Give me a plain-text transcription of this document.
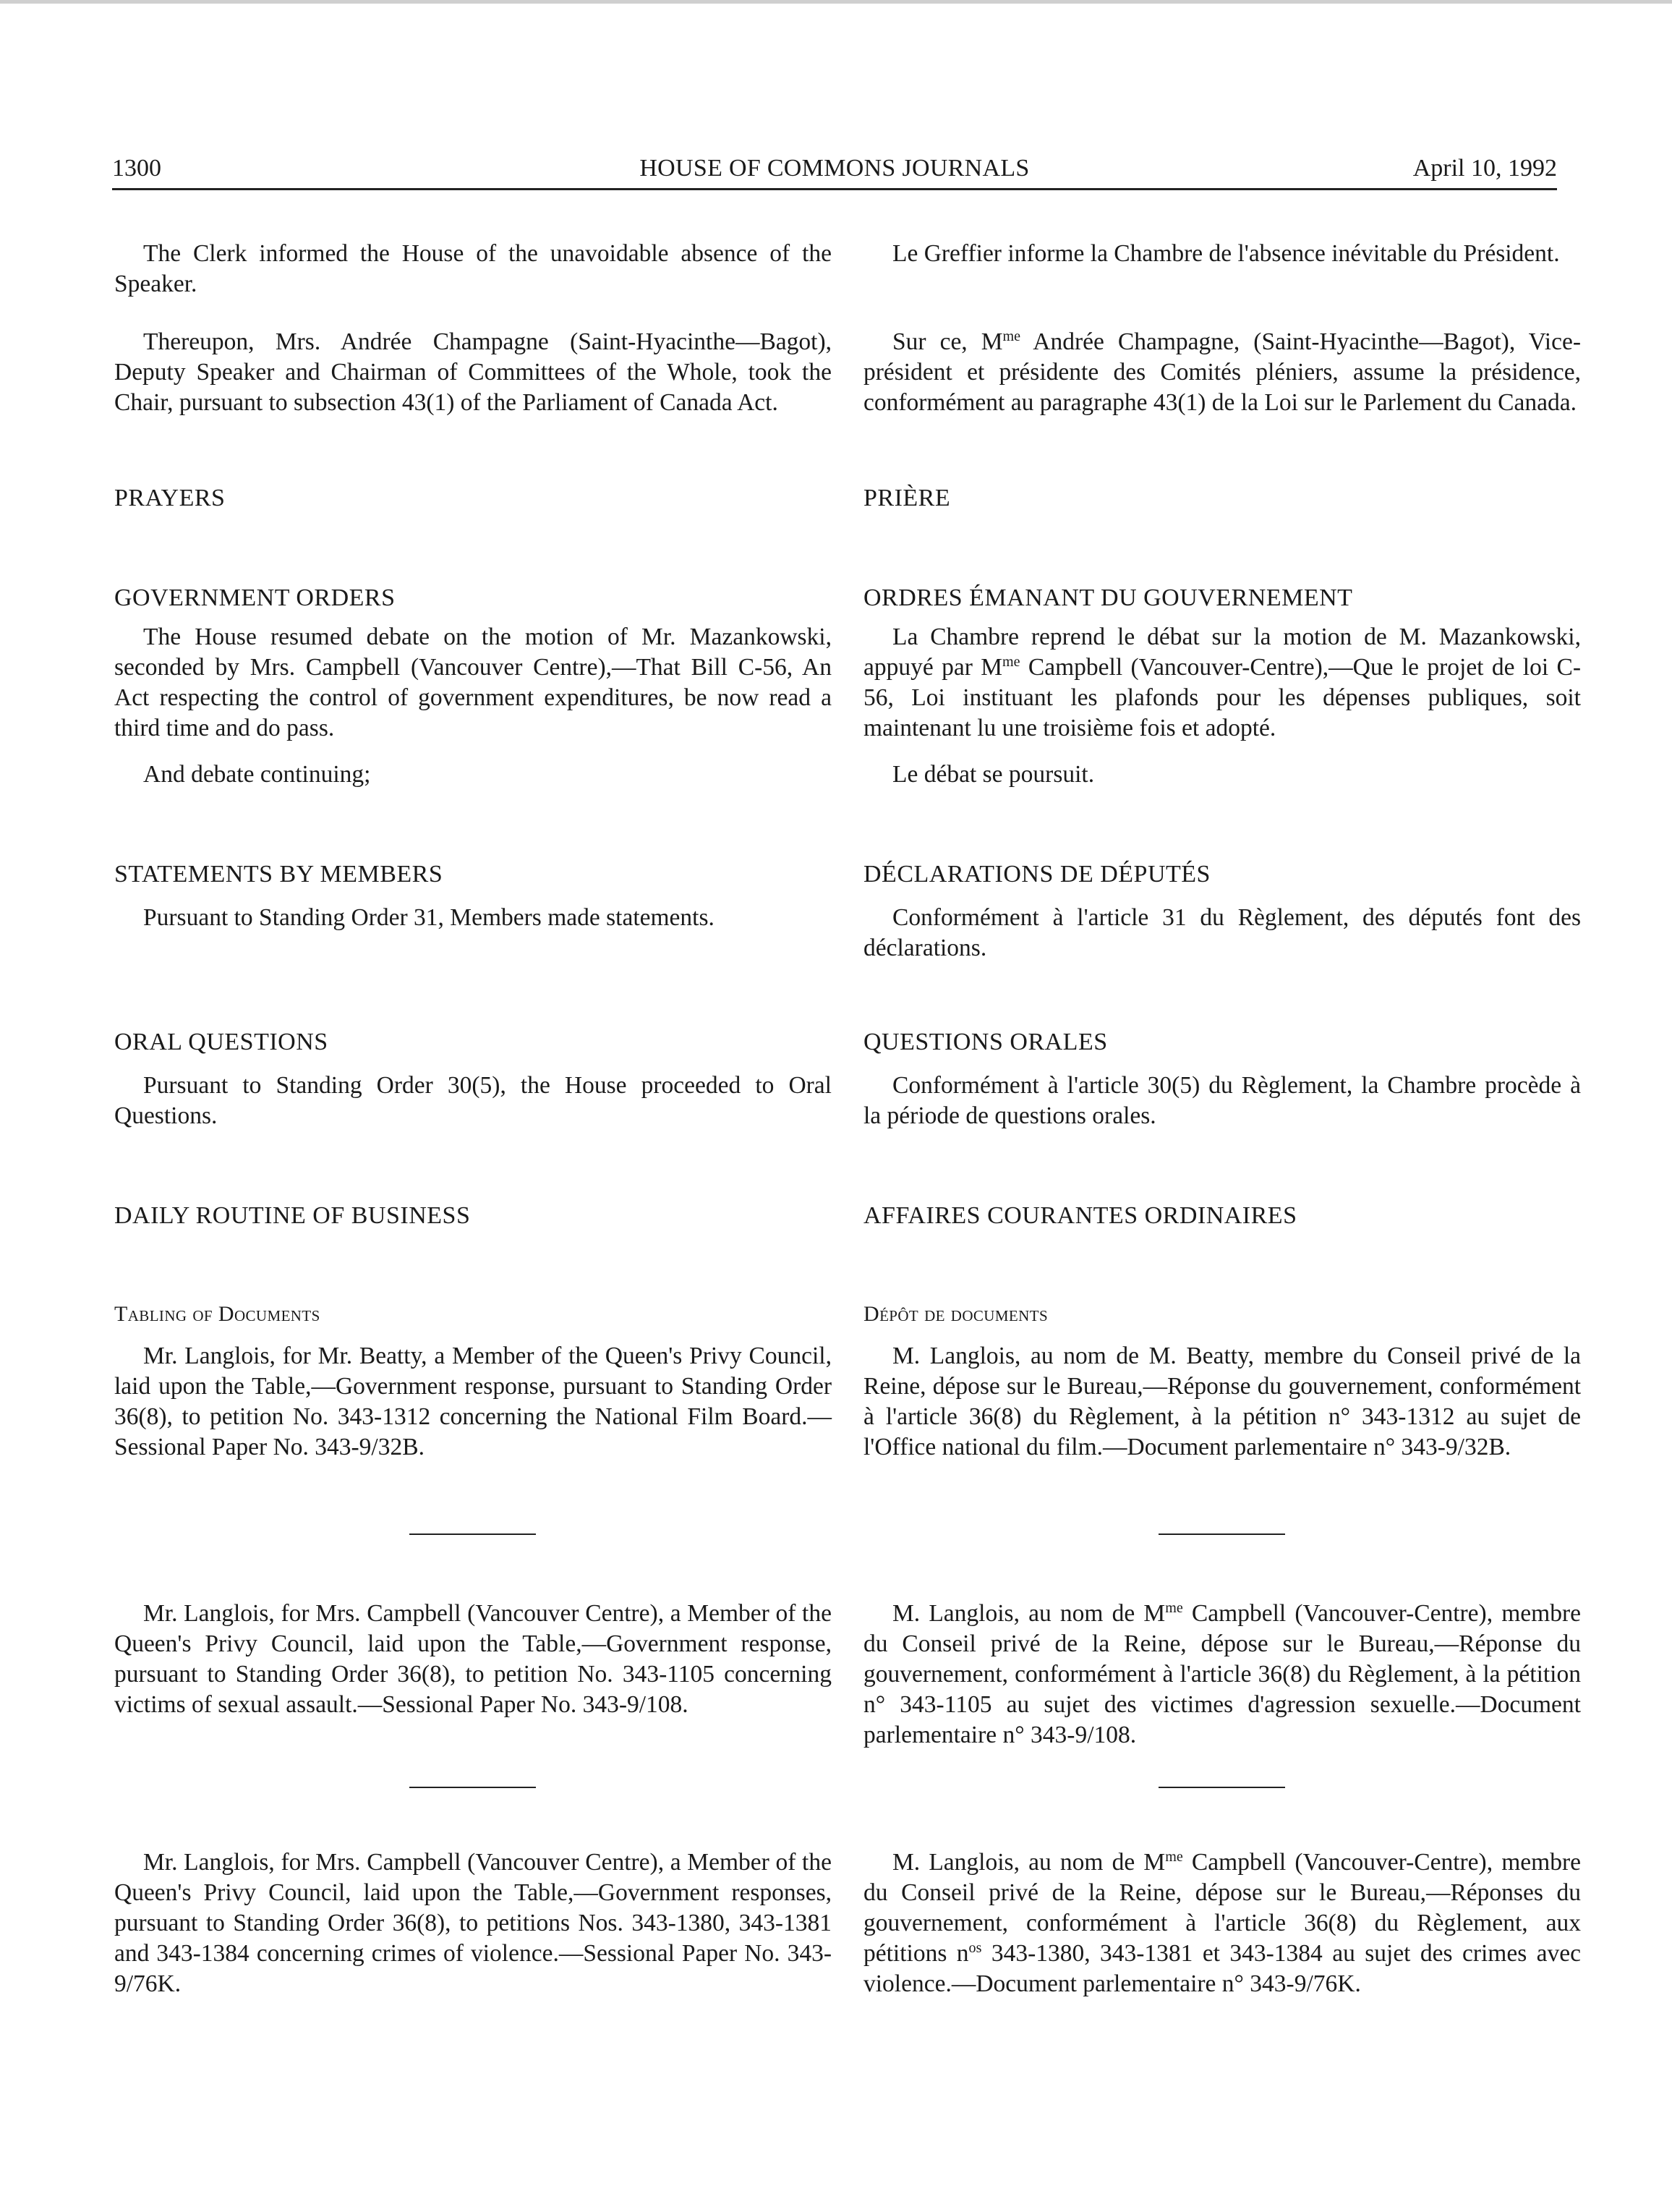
1300	HOUSE OF COMMONS JOURNALS	April 10, 1992

The Clerk informed the House of the unavoidable absence of the Speaker.

Thereupon, Mrs. Andrée Champagne (Saint-Hyacinthe—Bagot), Deputy Speaker and Chairman of Committees of the Whole, took the Chair, pursuant to subsection 43(1) of the Parliament of Canada Act.

PRAYERS
GOVERNMENT ORDERS

The House resumed debate on the motion of Mr. Mazankowski, seconded by Mrs. Campbell (Vancouver Centre),—That Bill C-56, An Act respecting the control of government expenditures, be now read a third time and do pass.

And debate continuing;

STATEMENTS BY MEMBERS

Pursuant to Standing Order 31, Members made statements.

ORAL QUESTIONS

Pursuant to Standing Order 30(5), the House proceeded to Oral Questions.

DAILY ROUTINE OF BUSINESS
Tabling of Documents

Mr. Langlois, for Mr. Beatty, a Member of the Queen's Privy Council, laid upon the Table,—Government response, pursuant to Standing Order 36(8), to petition No. 343-1312 concerning the National Film Board.—Sessional Paper No. 343-9/32B.

Mr. Langlois, for Mrs. Campbell (Vancouver Centre), a Member of the Queen's Privy Council, laid upon the Table,—Government response, pursuant to Standing Order 36(8), to petition No. 343-1105 concerning victims of sexual assault.—Sessional Paper No. 343-9/108.

Mr. Langlois, for Mrs. Campbell (Vancouver Centre), a Member of the Queen's Privy Council, laid upon the Table,—Government responses, pursuant to Standing Order 36(8), to petitions Nos. 343-1380, 343-1381 and 343-1384 concerning crimes of violence.—Sessional Paper No. 343-9/76K.

Le Greffier informe la Chambre de l'absence inévitable du Président.

Sur ce, $M^{me}$ Andrée Champagne, (Saint-Hyacinthe—Bagot), Vice-président et présidente des Comités pléniers, assume la présidence, conformément au paragraphe 43(1) de la Loi sur le Parlement du Canada.

PRIÈRE
ORDRES ÉMANANT DU GOUVERNEMENT

La Chambre reprend le débat sur la motion de M. Mazankowski, appuyé par $M^{me}$ Campbell (Vancouver-Centre),—Que le projet de loi C-56, Loi instituant les plafonds pour les dépenses publiques, soit maintenant lu une troisième fois et adopté.

Le débat se poursuit.

DÉCLARATIONS DE DÉPUTÉS

Conformément à l'article 31 du Règlement, des députés font des déclarations.

QUESTIONS ORALES

Conformément à l'article 30(5) du Règlement, la Chambre procède à la période de questions orales.

AFFAIRES COURANTES ORDINAIRES
Dépôt de documents

M. Langlois, au nom de M. Beatty, membre du Conseil privé de la Reine, dépose sur le Bureau,—Réponse du gouvernement, conformément à l'article 36(8) du Règlement, à la pétition n° 343-1312 au sujet de l'Office national du film.—Document parlementaire n° 343-9/32B.

M. Langlois, au nom de $M^{me}$ Campbell (Vancouver-Centre), membre du Conseil privé de la Reine, dépose sur le Bureau,—Réponse du gouvernement, conformément à l'article 36(8) du Règlement, à la pétition n° 343-1105 au sujet des victimes d'agression sexuelle.—Document parlementaire n° 343-9/108.

M. Langlois, au nom de $M^{me}$ Campbell (Vancouver-Centre), membre du Conseil privé de la Reine, dépose sur le Bureau,—Réponses du gouvernement, conformément à l'article 36(8) du Règlement, aux pétitions $n^{os}$ 343-1380, 343-1381 et 343-1384 au sujet des crimes avec violence.—Document parlementaire n° 343-9/76K.
